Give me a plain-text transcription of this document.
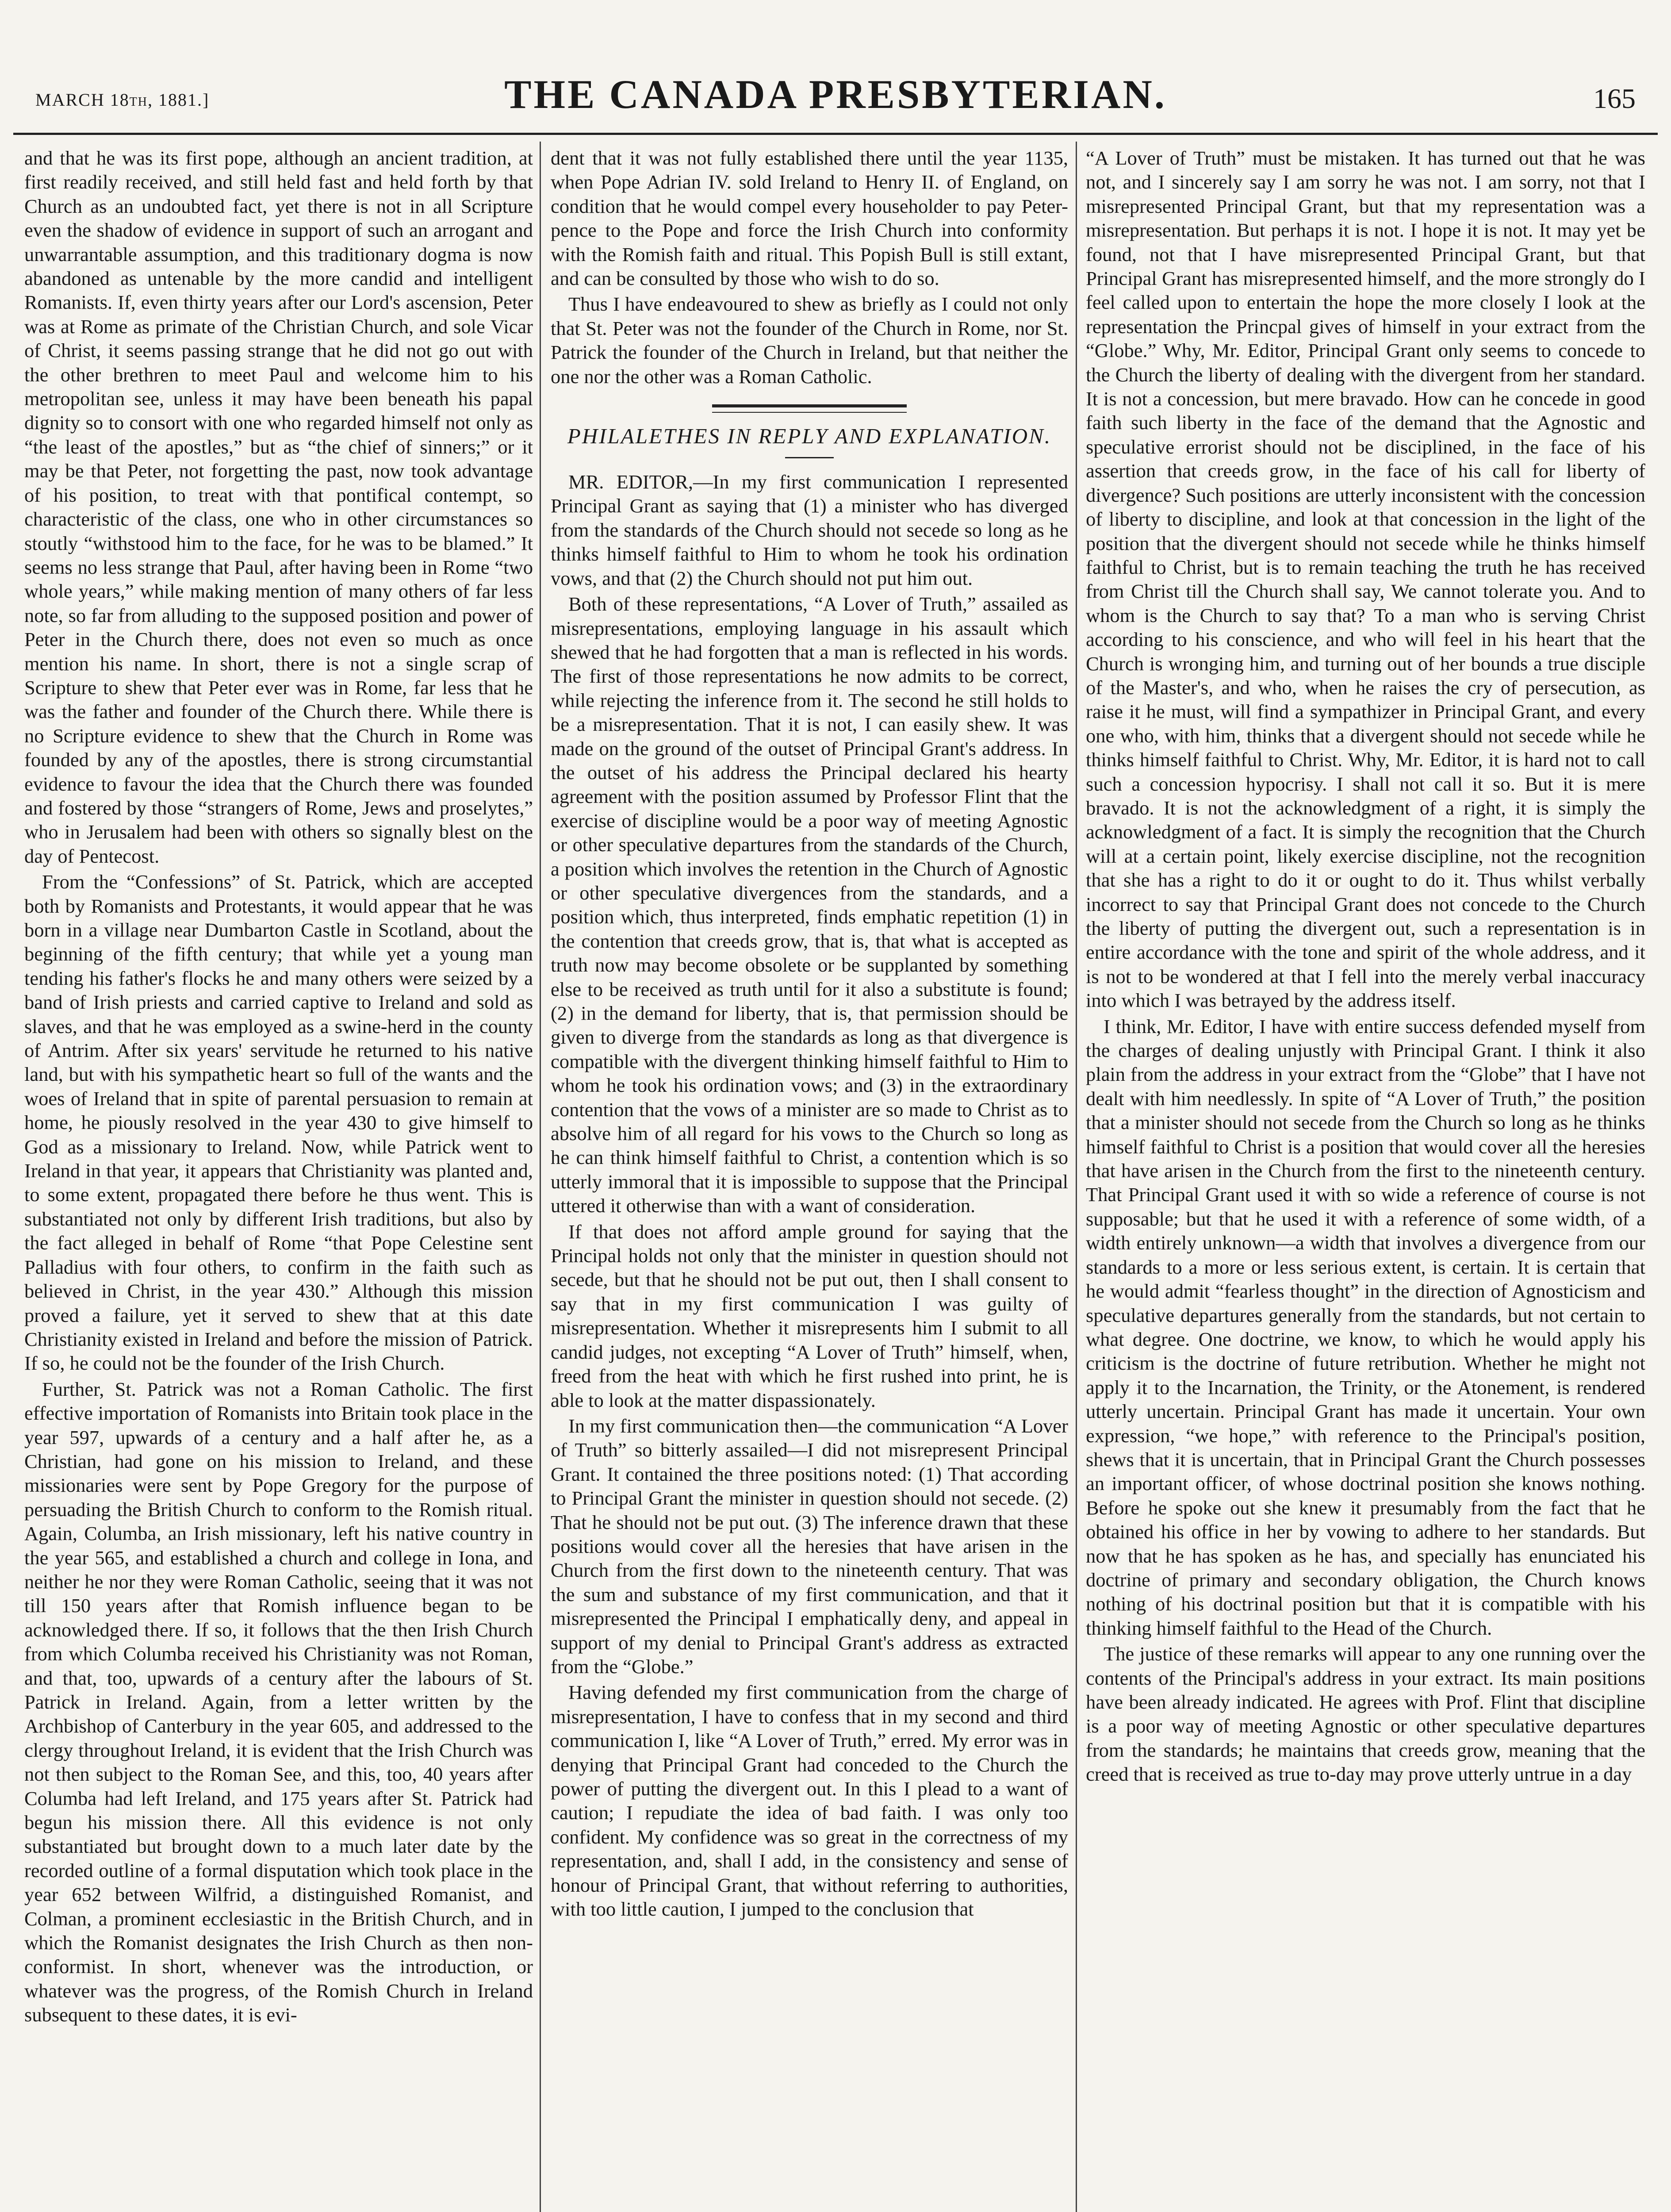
MARCH 18th, 1881.]	THE CANADA PRESBYTERIAN.	165

and that he was its first pope, although an ancient tradition, at first readily received, and still held fast and held forth by that Church as an undoubted fact, yet there is not in all Scripture even the shadow of evidence in support of such an arrogant and unwarrantable assumption, and this traditionary dogma is now abandoned as untenable by the more candid and intelligent Romanists. If, even thirty years after our Lord's ascension, Peter was at Rome as primate of the Christian Church, and sole Vicar of Christ, it seems passing strange that he did not go out with the other brethren to meet Paul and welcome him to his metropolitan see, unless it may have been beneath his papal dignity so to consort with one who regarded himself not only as “the least of the apostles,” but as “the chief of sinners;” or it may be that Peter, not forgetting the past, now took advantage of his position, to treat with that pontifical contempt, so characteristic of the class, one who in other circumstances so stoutly “withstood him to the face, for he was to be blamed.” It seems no less strange that Paul, after having been in Rome “two whole years,” while making mention of many others of far less note, so far from alluding to the supposed position and power of Peter in the Church there, does not even so much as once mention his name. In short, there is not a single scrap of Scripture to shew that Peter ever was in Rome, far less that he was the father and founder of the Church there. While there is no Scripture evidence to shew that the Church in Rome was founded by any of the apostles, there is strong circumstantial evidence to favour the idea that the Church there was founded and fostered by those “strangers of Rome, Jews and proselytes,” who in Jerusalem had been with others so signally blest on the day of Pentecost.

From the “Confessions” of St. Patrick, which are accepted both by Romanists and Protestants, it would appear that he was born in a village near Dumbarton Castle in Scotland, about the beginning of the fifth century; that while yet a young man tending his father's flocks he and many others were seized by a band of Irish priests and carried captive to Ireland and sold as slaves, and that he was employed as a swine-herd in the county of Antrim. After six years' servitude he returned to his native land, but with his sympathetic heart so full of the wants and the woes of Ireland that in spite of parental persuasion to remain at home, he piously resolved in the year 430 to give himself to God as a missionary to Ireland. Now, while Patrick went to Ireland in that year, it appears that Christianity was planted and, to some extent, propagated there before he thus went. This is substantiated not only by different Irish traditions, but also by the fact alleged in behalf of Rome “that Pope Celestine sent Palladius with four others, to confirm in the faith such as believed in Christ, in the year 430.” Although this mission proved a failure, yet it served to shew that at this date Christianity existed in Ireland and before the mission of Patrick. If so, he could not be the founder of the Irish Church.

Further, St. Patrick was not a Roman Catholic. The first effective importation of Romanists into Britain took place in the year 597, upwards of a century and a half after he, as a Christian, had gone on his mission to Ireland, and these missionaries were sent by Pope Gregory for the purpose of persuading the British Church to conform to the Romish ritual. Again, Columba, an Irish missionary, left his native country in the year 565, and established a church and college in Iona, and neither he nor they were Roman Catholic, seeing that it was not till 150 years after that Romish influence began to be acknowledged there. If so, it follows that the then Irish Church from which Columba received his Christianity was not Roman, and that, too, upwards of a century after the labours of St. Patrick in Ireland. Again, from a letter written by the Archbishop of Canterbury in the year 605, and addressed to the clergy throughout Ireland, it is evident that the Irish Church was not then subject to the Roman See, and this, too, 40 years after Columba had left Ireland, and 175 years after St. Patrick had begun his mission there. All this evidence is not only substantiated but brought down to a much later date by the recorded outline of a formal disputation which took place in the year 652 between Wilfrid, a distinguished Romanist, and Colman, a prominent ecclesiastic in the British Church, and in which the Romanist designates the Irish Church as then non-conformist. In short, whenever was the introduction, or whatever was the progress, of the Romish Church in Ireland subsequent to these dates, it is evi-

dent that it was not fully established there until the year 1135, when Pope Adrian IV. sold Ireland to Henry II. of England, on condition that he would compel every householder to pay Peter-pence to the Pope and force the Irish Church into conformity with the Romish faith and ritual. This Popish Bull is still extant, and can be consulted by those who wish to do so.

Thus I have endeavoured to shew as briefly as I could not only that St. Peter was not the founder of the Church in Rome, nor St. Patrick the founder of the Church in Ireland, but that neither the one nor the other was a Roman Catholic.

PHILALETHES IN REPLY AND EXPLANATION.

MR. EDITOR,—In my first communication I represented Principal Grant as saying that (1) a minister who has diverged from the standards of the Church should not secede so long as he thinks himself faithful to Him to whom he took his ordination vows, and that (2) the Church should not put him out.

Both of these representations, “A Lover of Truth,” assailed as misrepresentations, employing language in his assault which shewed that he had forgotten that a man is reflected in his words. The first of those representations he now admits to be correct, while rejecting the inference from it. The second he still holds to be a misrepresentation. That it is not, I can easily shew. It was made on the ground of the outset of Principal Grant's address. In the outset of his address the Principal declared his hearty agreement with the position assumed by Professor Flint that the exercise of discipline would be a poor way of meeting Agnostic or other speculative departures from the standards of the Church, a position which involves the retention in the Church of Agnostic or other speculative divergences from the standards, and a position which, thus interpreted, finds emphatic repetition (1) in the contention that creeds grow, that is, that what is accepted as truth now may become obsolete or be supplanted by something else to be received as truth until for it also a substitute is found; (2) in the demand for liberty, that is, that permission should be given to diverge from the standards as long as that divergence is compatible with the divergent thinking himself faithful to Him to whom he took his ordination vows; and (3) in the extraordinary contention that the vows of a minister are so made to Christ as to absolve him of all regard for his vows to the Church so long as he can think himself faithful to Christ, a contention which is so utterly immoral that it is impossible to suppose that the Principal uttered it otherwise than with a want of consideration.

If that does not afford ample ground for saying that the Principal holds not only that the minister in question should not secede, but that he should not be put out, then I shall consent to say that in my first communication I was guilty of misrepresentation. Whether it misrepresents him I submit to all candid judges, not excepting “A Lover of Truth” himself, when, freed from the heat with which he first rushed into print, he is able to look at the matter dispassionately.

In my first communication then—the communication “A Lover of Truth” so bitterly assailed—I did not misrepresent Principal Grant. It contained the three positions noted: (1) That according to Principal Grant the minister in question should not secede. (2) That he should not be put out. (3) The inference drawn that these positions would cover all the heresies that have arisen in the Church from the first down to the nineteenth century. That was the sum and substance of my first communication, and that it misrepresented the Principal I emphatically deny, and appeal in support of my denial to Principal Grant's address as extracted from the “Globe.”

Having defended my first communication from the charge of misrepresentation, I have to confess that in my second and third communication I, like “A Lover of Truth,” erred. My error was in denying that Principal Grant had conceded to the Church the power of putting the divergent out. In this I plead to a want of caution; I repudiate the idea of bad faith. I was only too confident. My confidence was so great in the correctness of my representation, and, shall I add, in the consistency and sense of honour of Principal Grant, that without referring to authorities, with too little caution, I jumped to the conclusion that

“A Lover of Truth” must be mistaken. It has turned out that he was not, and I sincerely say I am sorry he was not. I am sorry, not that I misrepresented Principal Grant, but that my representation was a misrepresentation. But perhaps it is not. I hope it is not. It may yet be found, not that I have misrepresented Principal Grant, but that Principal Grant has misrepresented himself, and the more strongly do I feel called upon to entertain the hope the more closely I look at the representation the Princpal gives of himself in your extract from the “Globe.” Why, Mr. Editor, Principal Grant only seems to concede to the Church the liberty of dealing with the divergent from her standard. It is not a concession, but mere bravado. How can he concede in good faith such liberty in the face of the demand that the Agnostic and speculative errorist should not be disciplined, in the face of his assertion that creeds grow, in the face of his call for liberty of divergence? Such positions are utterly inconsistent with the concession of liberty to discipline, and look at that concession in the light of the position that the divergent should not secede while he thinks himself faithful to Christ, but is to remain teaching the truth he has received from Christ till the Church shall say, We cannot tolerate you. And to whom is the Church to say that? To a man who is serving Christ according to his conscience, and who will feel in his heart that the Church is wronging him, and turning out of her bounds a true disciple of the Master's, and who, when he raises the cry of persecution, as raise it he must, will find a sympathizer in Principal Grant, and every one who, with him, thinks that a divergent should not secede while he thinks himself faithful to Christ. Why, Mr. Editor, it is hard not to call such a concession hypocrisy. I shall not call it so. But it is mere bravado. It is not the acknowledgment of a right, it is simply the acknowledgment of a fact. It is simply the recognition that the Church will at a certain point, likely exercise discipline, not the recognition that she has a right to do it or ought to do it. Thus whilst verbally incorrect to say that Principal Grant does not concede to the Church the liberty of putting the divergent out, such a representation is in entire accordance with the tone and spirit of the whole address, and it is not to be wondered at that I fell into the merely verbal inaccuracy into which I was betrayed by the address itself.

I think, Mr. Editor, I have with entire success defended myself from the charges of dealing unjustly with Principal Grant. I think it also plain from the address in your extract from the “Globe” that I have not dealt with him needlessly. In spite of “A Lover of Truth,” the position that a minister should not secede from the Church so long as he thinks himself faithful to Christ is a position that would cover all the heresies that have arisen in the Church from the first to the nineteenth century. That Principal Grant used it with so wide a reference of course is not supposable; but that he used it with a reference of some width, of a width entirely unknown—a width that involves a divergence from our standards to a more or less serious extent, is certain. It is certain that he would admit “fearless thought” in the direction of Agnosticism and speculative departures generally from the standards, but not certain to what degree. One doctrine, we know, to which he would apply his criticism is the doctrine of future retribution. Whether he might not apply it to the Incarnation, the Trinity, or the Atonement, is rendered utterly uncertain. Principal Grant has made it uncertain. Your own expression, “we hope,” with reference to the Principal's position, shews that it is uncertain, that in Principal Grant the Church possesses an important officer, of whose doctrinal position she knows nothing. Before he spoke out she knew it presumably from the fact that he obtained his office in her by vowing to adhere to her standards. But now that he has spoken as he has, and specially has enunciated his doctrine of primary and secondary obligation, the Church knows nothing of his doctrinal position but that it is compatible with his thinking himself faithful to the Head of the Church.

The justice of these remarks will appear to any one running over the contents of the Principal's address in your extract. Its main positions have been already indicated. He agrees with Prof. Flint that discipline is a poor way of meeting Agnostic or other speculative departures from the standards; he maintains that creeds grow, meaning that the creed that is received as true to-day may prove utterly untrue in a day
